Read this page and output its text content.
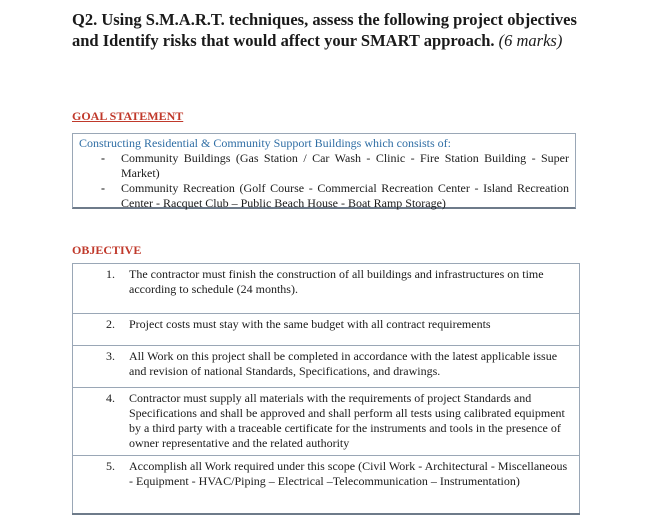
Q2. Using S.M.A.R.T. techniques, assess the following project objectives and Identify risks that would affect your SMART approach. (6 marks)

GOAL STATEMENT

Constructing Residential & Community Support Buildings which consists of:
- Community Buildings (Gas Station / Car Wash - Clinic - Fire Station Building - Super Market)
- Community Recreation (Golf Course - Commercial Recreation Center - Island Recreation Center - Racquet Club – Public Beach House - Boat Ramp Storage)

OBJECTIVE

1.	The contractor must finish the construction of all buildings and infrastructures on time according to schedule (24 months).
2.	Project costs must stay with the same budget with all contract requirements
3.	All Work on this project shall be completed in accordance with the latest applicable issue and revision of national Standards, Specifications, and drawings.
4.	Contractor must supply all materials with the requirements of project Standards and Specifications and shall be approved and shall perform all tests using calibrated equipment by a third party with a traceable certificate for the instruments and tools in the presence of owner representative and the related authority
5.	Accomplish all Work required under this scope (Civil Work - Architectural - Miscellaneous - Equipment - HVAC/Piping – Electrical –Telecommunication – Instrumentation)
